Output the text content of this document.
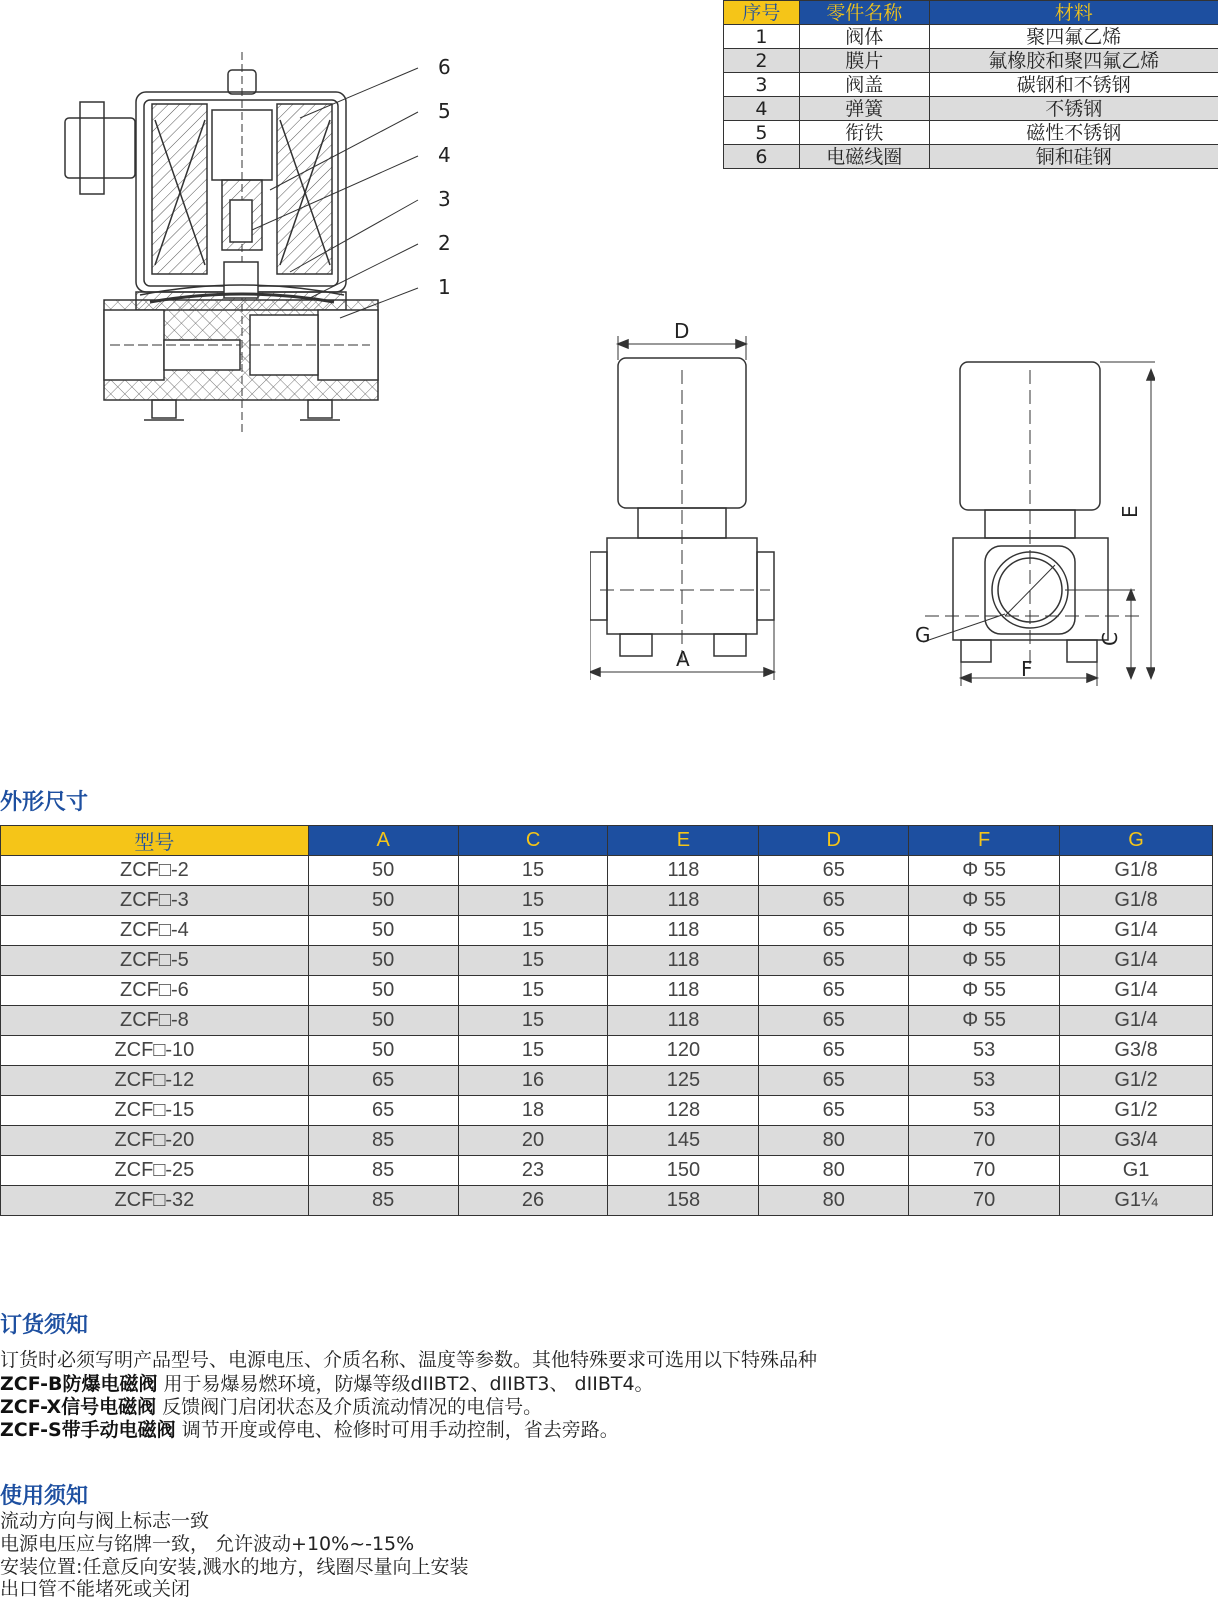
序号	零件名称	材料
1	阀体	聚四氟乙烯
2	膜片	氟橡胶和聚四氟乙烯
3	阀盖	碳钢和不锈钢
4	弹簧	不锈钢
5	衔铁	磁性不锈钢
6	电磁线圈	铜和硅钢
6
5
4
3
2
1
D
A
E
C
G
F
外形尺寸
型号	A	C	E	D	F	G
ZCF□-2	50	15	118	65	Φ 55	G1/8
ZCF□-3	50	15	118	65	Φ 55	G1/8
ZCF□-4	50	15	118	65	Φ 55	G1/4
ZCF□-5	50	15	118	65	Φ 55	G1/4
ZCF□-6	50	15	118	65	Φ 55	G1/4
ZCF□-8	50	15	118	65	Φ 55	G1/4
ZCF□-10	50	15	120	65	53	G3/8
ZCF□-12	65	16	125	65	53	G1/2
ZCF□-15	65	18	128	65	53	G1/2
ZCF□-20	85	20	145	80	70	G3/4
ZCF□-25	85	23	150	80	70	G1
ZCF□-32	85	26	158	80	70	G1¼
订货须知
订货时必须写明产品型号、电源电压、介质名称、温度等参数。其他特殊要求可选用以下特殊品种
ZCF-B防爆电磁阀 用于易爆易燃环境，防爆等级dIIBT2、dIIBT3、 dIIBT4。
ZCF-X信号电磁阀 反馈阀门启闭状态及介质流动情况的电信号。
ZCF-S带手动电磁阀 调节开度或停电、检修时可用手动控制，省去旁路。
使用须知
流动方向与阀上标志一致
电源电压应与铭牌一致， 允许波动+10%~-15%
安装位置:任意反向安装,溅水的地方，线圈尽量向上安装
出口管不能堵死或关闭
